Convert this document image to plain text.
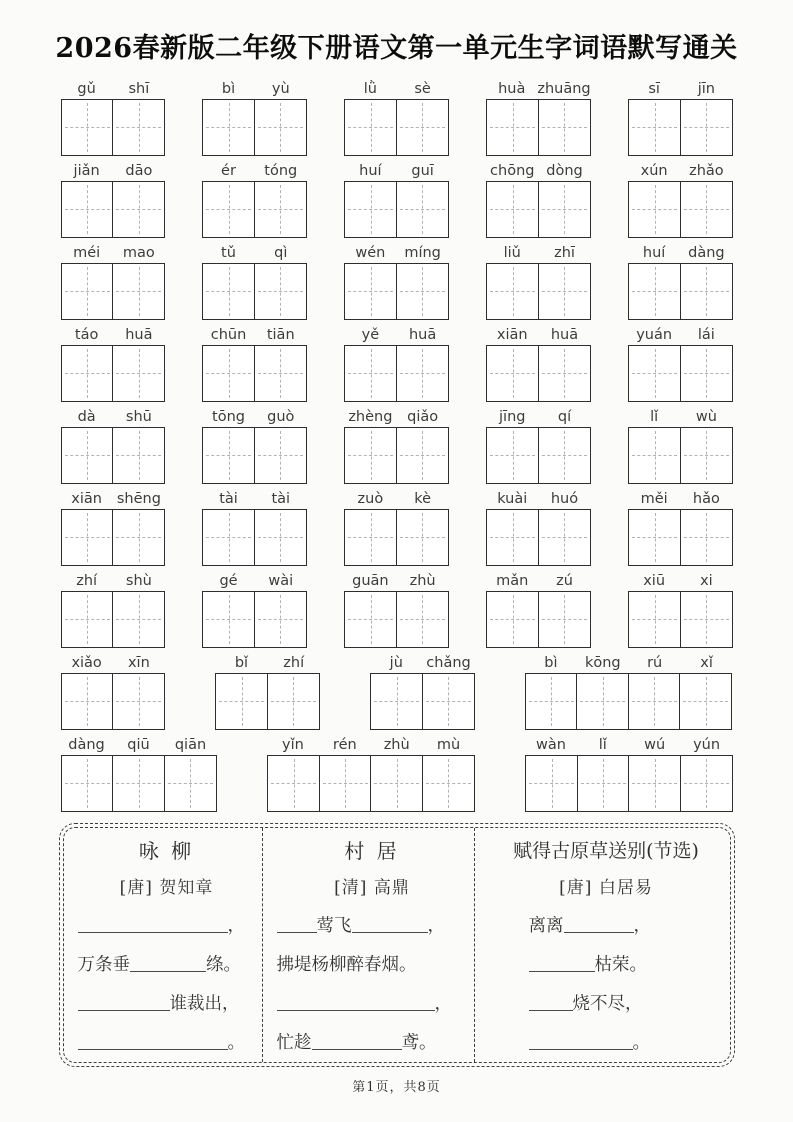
2026春新版二年级下册语文第一单元生字词语默写通关
gǔ	shī	bì	yù	lǜ	sè	huà zhuāng	sī	jīn
jiǎn	dāo	ér	tóng	huí	guī	chōng dòng	xún	zhǎo
méi	mao	tǔ	qì	wén	míng	liǔ	zhī	huí	dàng
táo	huā	chūn	tiān	yě	huā	xiān	huā	yuán	lái
dà	shū	tōng	guò	zhèng	qiǎo	jīng	qí	lǐ	wù
xiān	shēng	tài	tài	zuò	kè	kuài	huó	měi	hǎo
zhí	shù	gé	wài	guān	zhù	mǎn	zú	xiū	xi
xiǎo	xīn	bǐ	zhí	jù	chǎng	bì	kōng	rú	xǐ
dàng	qiū	qiān	yǐn	rén	zhù	mù	wàn	lǐ	wú	yún
咏 柳
[唐] 贺知章
，
万条垂	绦。
谁裁出，
。
村 居
[清] 高鼎
莺飞	，
拂堤杨柳醉春烟。
，
忙趁	鸢。
赋得古原草送别(节选)
[唐] 白居易
离离	，
枯荣。
烧不尽，
。
第1页，共8页
